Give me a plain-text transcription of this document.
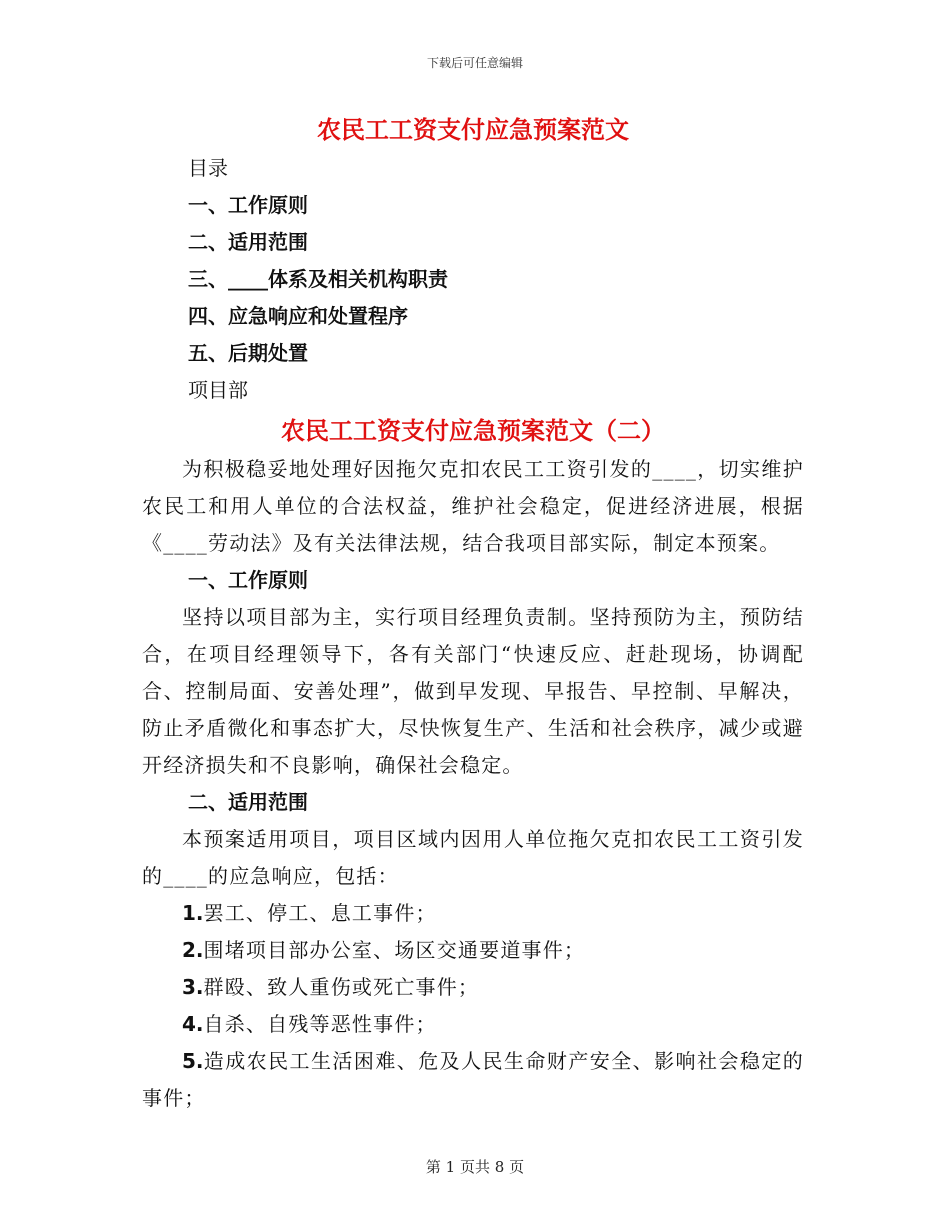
下载后可任意编辑
农民工工资支付应急预案范文

目录

一、工作原则

二、适用范围

三、____体系及相关机构职责

四、应急响应和处置程序

五、后期处置

项目部

农民工工资支付应急预案范文（二）

为积极稳妥地处理好因拖欠克扣农民工工资引发的____，切实维护农民工和用人单位的合法权益，维护社会稳定，促进经济进展，根据《____劳动法》及有关法律法规，结合我项目部实际，制定本预案。

一、工作原则

坚持以项目部为主，实行项目经理负责制。坚持预防为主，预防结合，在项目经理领导下，各有关部门“快速反应、赶赴现场，协调配合、控制局面、安善处理”，做到早发现、早报告、早控制、早解决，防止矛盾微化和事态扩大，尽快恢复生产、生活和社会秩序，减少或避开经济损失和不良影响，确保社会稳定。

二、适用范围

本预案适用项目，项目区域内因用人单位拖欠克扣农民工工资引发的____的应急响应，包括：

1.罢工、停工、息工事件；

2.围堵项目部办公室、场区交通要道事件；

3.群殴、致人重伤或死亡事件；

4.自杀、自残等恶性事件；

5.造成农民工生活困难、危及人民生命财产安全、影响社会稳定的事件；

第 1 页共 8 页
